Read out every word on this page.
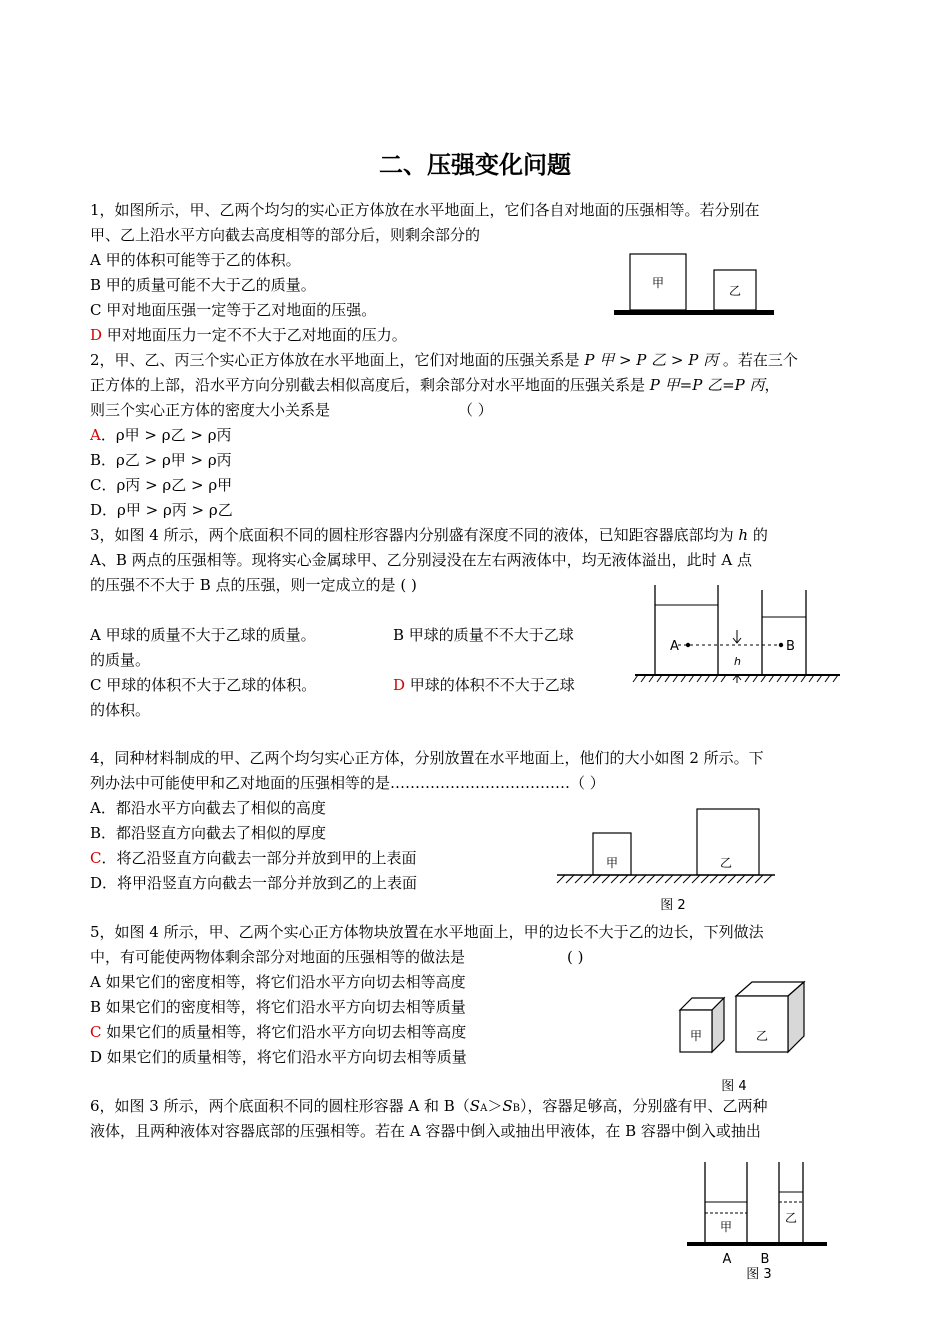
二、压强变化问题
1，如图所示，甲、乙两个均匀的实心正方体放在水平地面上，它们各自对地面的压强相等。若分别在
甲、乙上沿水平方向截去高度相等的部分后，则剩余部分的
A 甲的体积可能等于乙的体积。
B 甲的质量可能不大于乙的质量。
C 甲对地面压强一定等于乙对地面的压强。
D 甲对地面压力一定不不大于乙对地面的压力。
甲
乙
2，甲、乙、丙三个实心正方体放在水平地面上，它们对地面的压强关系是 P 甲 > P 乙 > P 丙 。若在三个
正方体的上部，沿水平方向分别截去相似高度后，剩余部分对水平地面的压强关系是 P 甲=P 乙=P 丙，
则三个实心正方体的密度大小关系是	（ ）
A．ρ甲 > ρ乙 > ρ丙
B．ρ乙 > ρ甲 > ρ丙
C．ρ丙 > ρ乙 > ρ甲
D．ρ甲 > ρ丙 > ρ乙
3，如图 4 所示，两个底面积不同的圆柱形容器内分别盛有深度不同的液体，已知距容器底部均为 h 的
A、B 两点的压强相等。现将实心金属球甲、乙分别浸没在左右两液体中，均无液体溢出，此时 A 点
的压强不不大于 B 点的压强，则一定成立的是 ( )
A 甲球的质量不大于乙球的质量。	B 甲球的质量不不大于乙球
的质量。
C 甲球的体积不大于乙球的体积。	D 甲球的体积不不大于乙球
的体积。
A	B
h
4，同种材料制成的甲、乙两个均匀实心正方体，分别放置在水平地面上，他们的大小如图 2 所示。下
列办法中可能使甲和乙对地面的压强相等的是………………………………（ ）
A．都沿水平方向截去了相似的高度
B．都沿竖直方向截去了相似的厚度
C．将乙沿竖直方向截去一部分并放到甲的上表面
D．将甲沿竖直方向截去一部分并放到乙的上表面
甲	乙
图 2
5，如图 4 所示，甲、乙两个实心正方体物块放置在水平地面上，甲的边长不大于乙的边长，下列做法
中，有可能使两物体剩余部分对地面的压强相等的做法是	( )
A 如果它们的密度相等，将它们沿水平方向切去相等高度
B 如果它们的密度相等，将它们沿水平方向切去相等质量
C 如果它们的质量相等，将它们沿水平方向切去相等高度
D 如果它们的质量相等，将它们沿水平方向切去相等质量
甲	乙
图 4
6，如图 3 所示，两个底面积不同的圆柱形容器 A 和 B（SA＞SB），容器足够高，分别盛有甲、乙两种
液体，且两种液体对容器底部的压强相等。若在 A 容器中倒入或抽出甲液体，在 B 容器中倒入或抽出
甲
乙
A B
图 3
